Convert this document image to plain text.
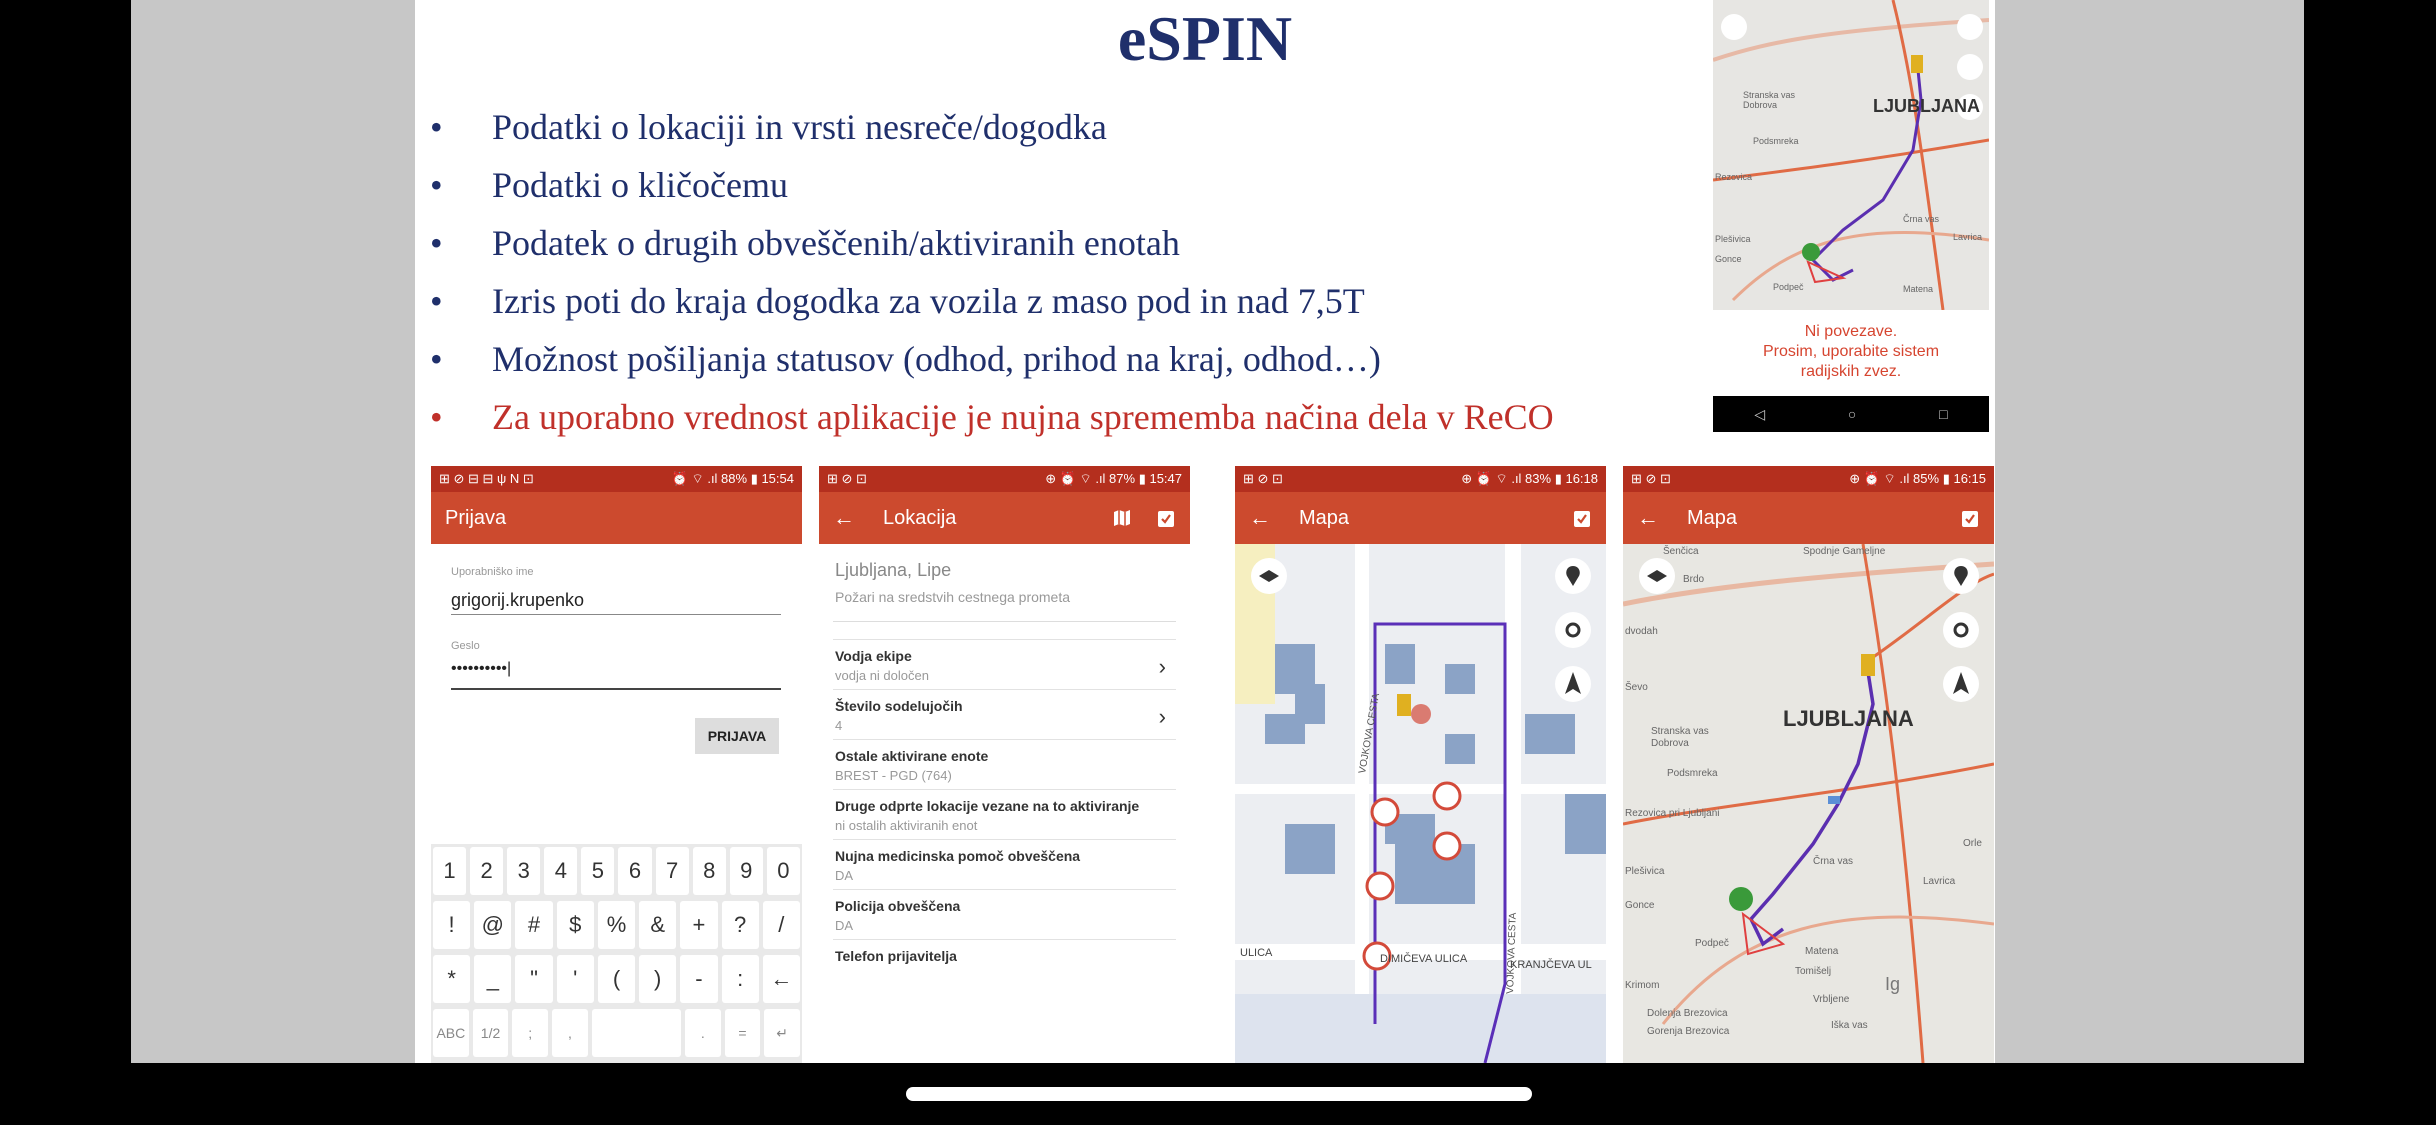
eSPIN
• Podatki o lokaciji in vrsti nesreče/dogodka
• Podatki o kličočemu
• Podatek o drugih obveščenih/aktiviranih enotah
• Izris poti do kraja dogodka za vozila z maso pod in nad 7,5T
• Možnost pošiljanja statusov (odhod, prihod na kraj, odhod…)
• Za uporabno vrednost aplikacije je nujna sprememba načina dela v ReCO
LJUBLJANA
Stranska vas
Dobrova
Podsmreka
Rezovica
Črna vas
Plešivica
Gonce
Podpeč	Matena
Lavrica
Ni povezave.
Prosim, uporabite sistem
radijskih zvez.
◁	○	□
⊞ ⊘ ⊟ ⊟ ψ N ⊡	⏰ ⌔ .ıl 88% ▮ 15:54
Prijava
Uporabniško ime
grigorij.krupenko
Geslo
••••••••••|
PRIJAVA
1	2	3	4	5	6	7	8	9	0
!	@	#	$	%	&	+	?	/
*	_	"	'	(	)	-	:	←
ABC	1/2	;	,	.	=	↵
⊞ ⊘ ⊡	⊕ ⏰ ⌔ .ıl 87% ▮ 15:47
← Lokacija
Ljubljana, Lipe
Požari na sredstvih cestnega prometa
Vodja ekipe
vodja ni določen	›
Število sodelujočih
4	›
Ostale aktivirane enote
BREST - PGD (764)
Druge odprte lokacije vezane na to aktiviranje
ni ostalih aktiviranih enot
Nujna medicinska pomoč obveščena
DA
Policija obveščena
DA
Telefon prijavitelja
⊞ ⊘ ⊡	⊕ ⏰ ⌔ .ıl 83% ▮ 16:18
← Mapa
VOJKOVA CESTA
VOJKOVA CESTA
ULICA	DIMIČEVA ULICA	KRANJČEVA UL
⊞ ⊘ ⊡	⊕ ⏰ ⌔ .ıl 85% ▮ 16:15
← Mapa
LJUBLJANA
Šenčica	Spodnje Gameljne
Brdo
dvodah
Ševo
Stranska vas
Dobrova
Podsmreka
Rezovica pri Ljubljani
Črna vas
Orle
Plešivica
Lavrica
Gonce
Podpeč
Matena
Tomišelj
Ig
Krimom
Vrbljene
Dolenja Brezovica
Iška vas
Gorenja Brezovica
